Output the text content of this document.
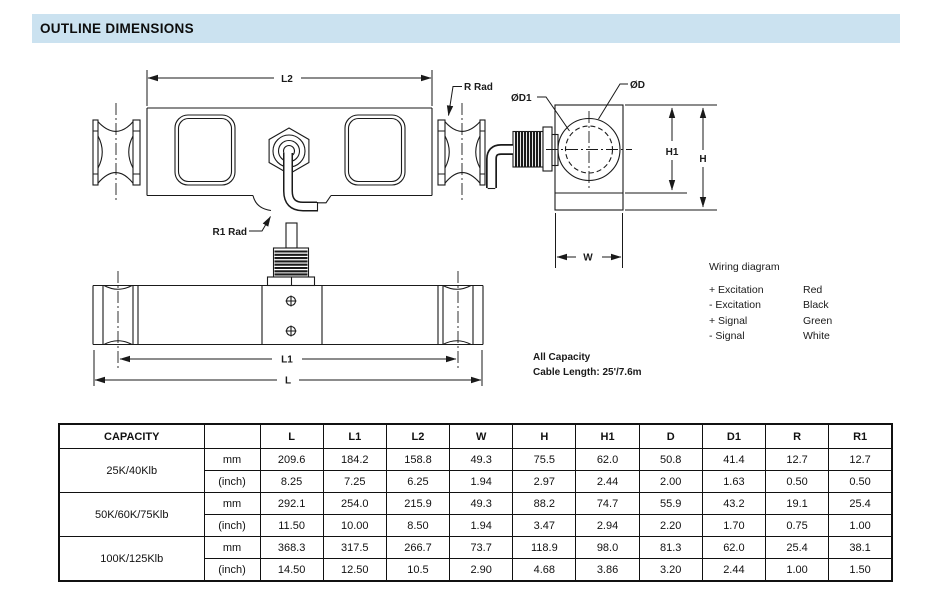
OUTLINE DIMENSIONS
L2
R1 Rad
R Rad
L1
L
ØD1
ØD
H1
H
W
Wiring diagram
+ Excitation	Red
- Excitation	Black
+ Signal	Green
- Signal	White
All Capacity
Cable Length: 25'/7.6m
CAPACITY		L	L1	L2	W	H	H1	D	D1	R	R1
25K/40Klb	mm	209.6	184.2	158.8	49.3	75.5	62.0	50.8	41.4	12.7	12.7
	(inch)	8.25	7.25	6.25	1.94	2.97	2.44	2.00	1.63	0.50	0.50
50K/60K/75Klb	mm	292.1	254.0	215.9	49.3	88.2	74.7	55.9	43.2	19.1	25.4
	(inch)	11.50	10.00	8.50	1.94	3.47	2.94	2.20	1.70	0.75	1.00
100K/125Klb	mm	368.3	317.5	266.7	73.7	118.9	98.0	81.3	62.0	25.4	38.1
	(inch)	14.50	12.50	10.5	2.90	4.68	3.86	3.20	2.44	1.00	1.50
